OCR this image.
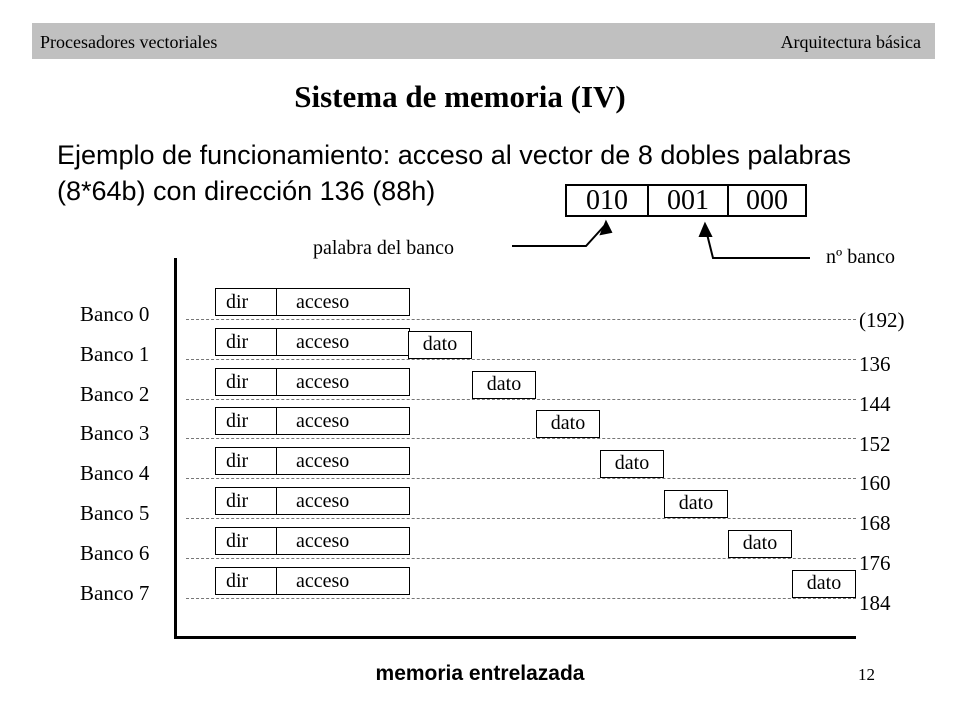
Procesadores vectoriales	Arquitectura básica
Sistema de memoria (IV)
Ejemplo de funcionamiento: acceso al vector de 8 dobles palabras
(8*64b) con dirección 136 (88h)	010	001	000
palabra del banco	nº banco
(192)
memoria entrelazada	12
Banco 0	dir acceso
Banco 1	dir acceso	dato
136
Banco 2	dir acceso	dato
144
Banco 3	dir acceso	dato
152
Banco 4	dir acceso	dato
160
Banco 5	dir acceso	dato
168
Banco 6	dir acceso	dato
176
Banco 7	dir acceso	dato
184
